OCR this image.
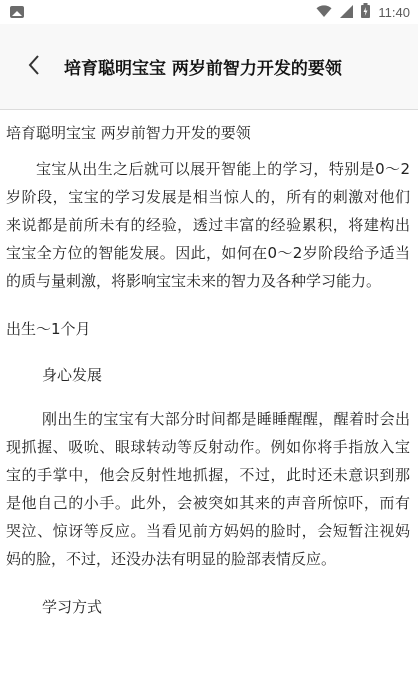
11:40
培育聪明宝宝 两岁前智力开发的要领
培育聪明宝宝 两岁前智力开发的要领

宝宝从出生之后就可以展开智能上的学习，特别是0～2岁阶段，宝宝的学习发展是相当惊人的，所有的刺激对他们来说都是前所未有的经验，透过丰富的经验累积，将建构出宝宝全方位的智能发展。因此，如何在0～2岁阶段给予适当的质与量刺激，将影响宝宝未来的智力及各种学习能力。

出生～1个月
身心发展

刚出生的宝宝有大部分时间都是睡睡醒醒，醒着时会出现抓握、吸吮、眼球转动等反射动作。例如你将手指放入宝宝的手掌中，他会反射性地抓握，不过，此时还未意识到那是他自己的小手。此外，会被突如其来的声音所惊吓，而有哭泣、惊讶等反应。当看见前方妈妈的脸时，会短暂注视妈妈的脸，不过，还没办法有明显的脸部表情反应。

学习方式
